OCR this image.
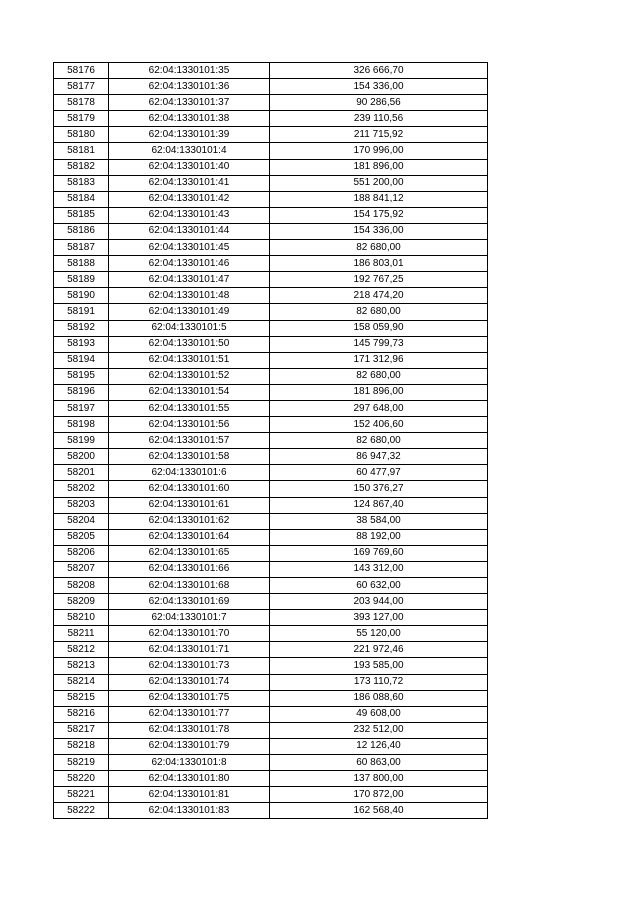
58176	62:04:1330101:35	326 666,70
58177	62:04:1330101:36	154 336,00
58178	62:04:1330101:37	90 286,56
58179	62:04:1330101:38	239 110,56
58180	62:04:1330101:39	211 715,92
58181	62:04:1330101:4	170 996,00
58182	62:04:1330101:40	181 896,00
58183	62:04:1330101:41	551 200,00
58184	62:04:1330101:42	188 841,12
58185	62:04:1330101:43	154 175,92
58186	62:04:1330101:44	154 336,00
58187	62:04:1330101:45	82 680,00
58188	62:04:1330101:46	186 803,01
58189	62:04:1330101:47	192 767,25
58190	62:04:1330101:48	218 474,20
58191	62:04:1330101:49	82 680,00
58192	62:04:1330101:5	158 059,90
58193	62:04:1330101:50	145 799,73
58194	62:04:1330101:51	171 312,96
58195	62:04:1330101:52	82 680,00
58196	62:04:1330101:54	181 896,00
58197	62:04:1330101:55	297 648,00
58198	62:04:1330101:56	152 406,60
58199	62:04:1330101:57	82 680,00
58200	62:04:1330101:58	86 947,32
58201	62:04:1330101:6	60 477,97
58202	62:04:1330101:60	150 376,27
58203	62:04:1330101:61	124 867,40
58204	62:04:1330101:62	38 584,00
58205	62:04:1330101:64	88 192,00
58206	62:04:1330101:65	169 769,60
58207	62:04:1330101:66	143 312,00
58208	62:04:1330101:68	60 632,00
58209	62:04:1330101:69	203 944,00
58210	62:04:1330101:7	393 127,00
58211	62:04:1330101:70	55 120,00
58212	62:04:1330101:71	221 972,46
58213	62:04:1330101:73	193 585,00
58214	62:04:1330101:74	173 110,72
58215	62:04:1330101:75	186 088,60
58216	62:04:1330101:77	49 608,00
58217	62:04:1330101:78	232 512,00
58218	62:04:1330101:79	12 126,40
58219	62:04:1330101:8	60 863,00
58220	62:04:1330101:80	137 800,00
58221	62:04:1330101:81	170 872,00
58222	62:04:1330101:83	162 568,40
